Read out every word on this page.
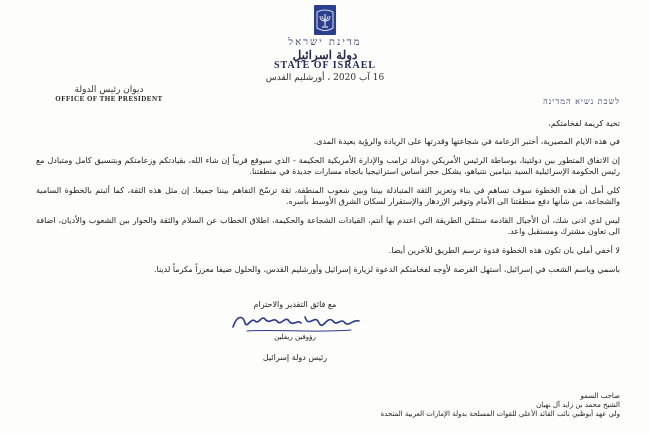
מדינת ישראל
دولة اسرائيل
STATE OF ISRAEL
16 آب 2020 ، أورشليم القدس
ديوان رئيس الدولة
OFFICE OF THE PRESIDENT	לשכת נשיא המדינה

تحية كريمة لفخامتكم،

في هذه الايام المصيرية، أختبر الزعامة في شجاعتها وقدرتها على الريادة والرؤية بعيدة المدى.

إن الاتفاق المتطور بين دولتينا، بوساطة الرئيس الأمريكي دونالد ترامب والإدارة الأمريكية الحكيمة - الذي سيوقع قريباً إن شاء الله، بقيادتكم وزعامتكم وبتنسيق كامل ومتبادل مع رئيس الحكومة الإسرائيلية السيد بنيامين نتنياهو، يشكل حجر أساس استراتيجيا باتجاه مسارات جديدة في منطقتنا.

كلي أمل أن هذه الخطوة سوف تساهم في بناء وتعزيز الثقة المتبادلة بيننا وبين شعوب المنطقة، ثقة ترسّخ التفاهم بيننا جميعا. إن مثل هذه الثقة، كما أثبتم بالخطوة السامية والشجاعة، من شأنها دفع منطقتنا الى الأمام وتوفير الإزدهار والإستقرار لسكان الشرق الأوسط بأسره.

ليس لدي ادنى شك، أن الأجيال القادمة ستثمّن الطريقة التي اعتدم بها أنتم، القيادات الشجاعة والحكيمة، اطلاق الخطاب عن السلام والثقة والحوار بين الشعوب والأديان، اضافة الى تعاون مشترك ومستقبل واعد.

لا أخفي أملي بان تكون هذه الخطوة قدوة ترسم الطريق للآخرين أيضا.

باسمي وباسم الشعب في إسرائيل، أستهل الفرصة لأوجه لفخامتكم الدعوة لزيارة إسرائيل وأورشليم القدس، والحلول ضيفا معززاً مكرماً لدينا.

مع فائق التقدير والاحترام
رؤوفين ريفلين
رئيس دولة إسرائيل
صاحب السمو
الشيخ محمد بن زايد آل نهيان
ولي عهد أبوظبي نائب القائد الأعلى للقوات المسلحة بدولة الإمارات العربية المتحدة
